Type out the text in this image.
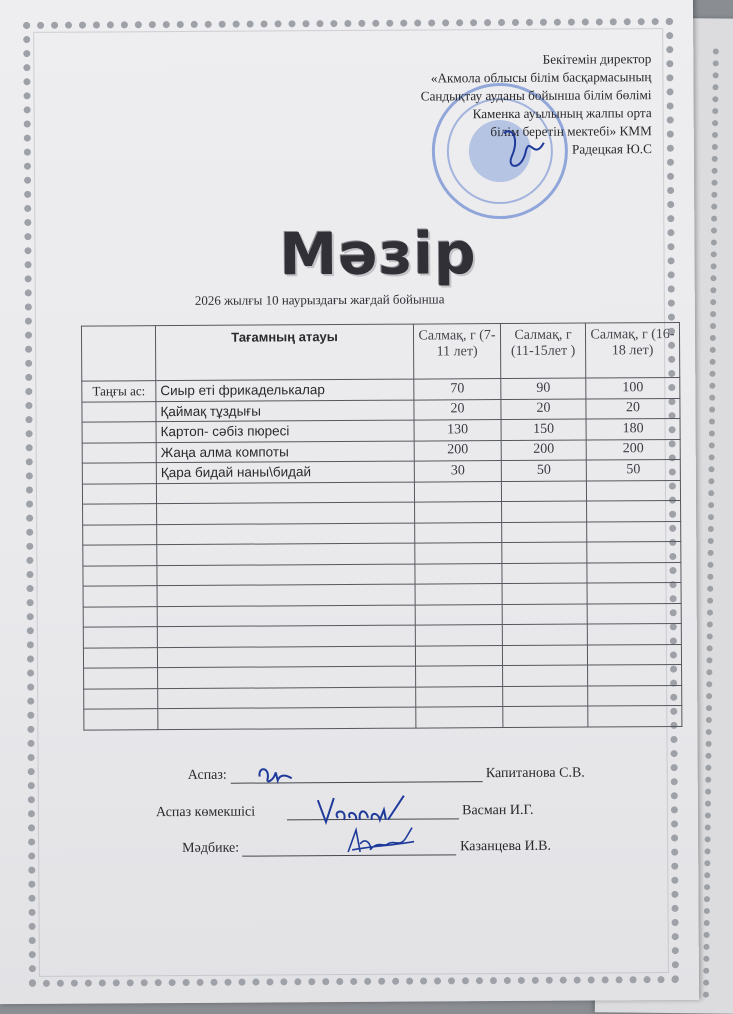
Бекітемін директор
«Акмола облысы білім басқармасының
Сандықтау ауданы бойынша білім бөлімі
Каменка ауылының жалпы орта
білім беретін мектебі» КММ
Радецкая Ю.С
Мәзір
2026 жылғы 10 наурыздағы жағдай бойынша
	Тағамның атауы	Салмақ, г (7-11 лет)	Салмақ, г (11-15лет )	Салмақ, г (16-18 лет)
Таңғы ас:	Сиыр еті фрикаделькалар	70	90	100
	Қаймақ тұздығы	20	20	20
	Картоп- сәбіз пюресі	130	150	180
	Жаңа алма компоты	200	200	200
	Қара бидай наны\бидай	30	50	50

Аспаз:	Капитанова С.В.
Аспаз көмекшісі	Васман И.Г.
Мәдбике:	Казанцева И.В.
